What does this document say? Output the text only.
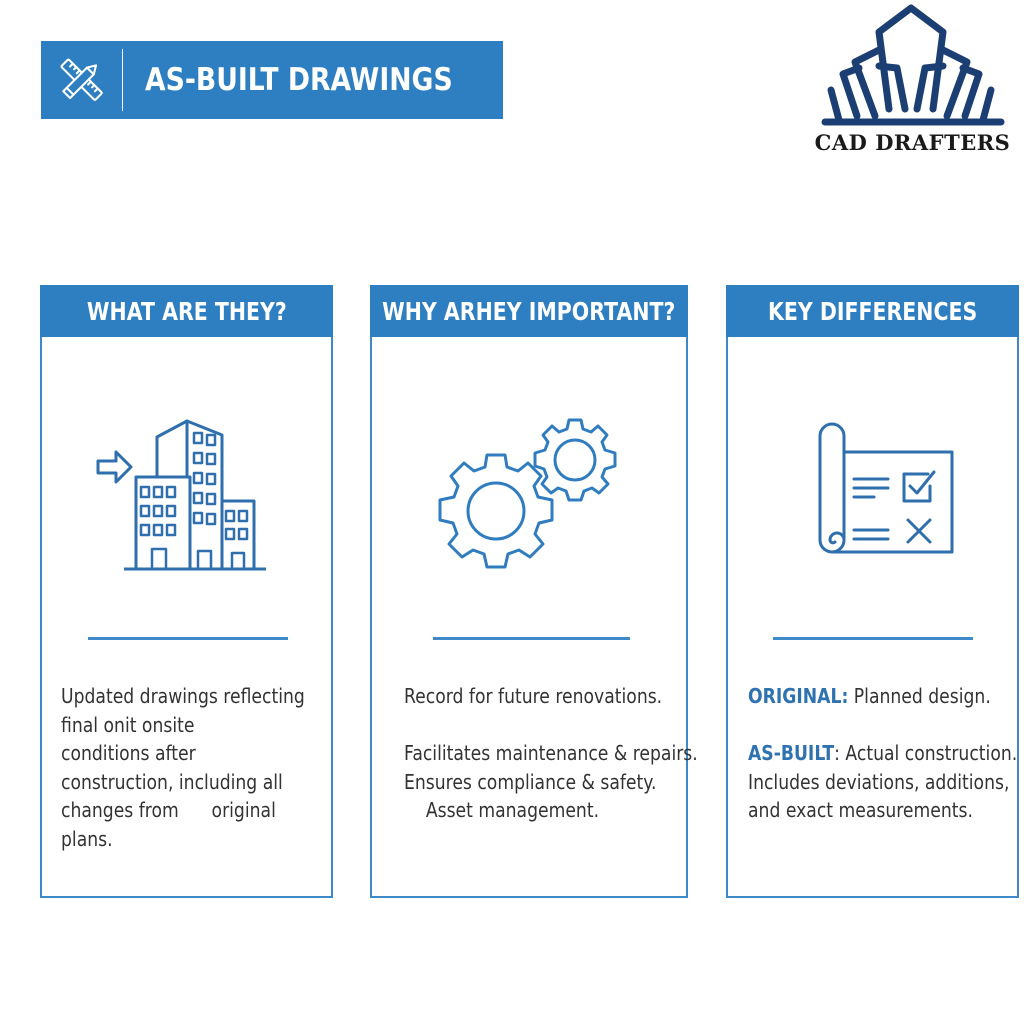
AS-BUILT DRAWINGS
CAD DRAFTERS
WHAT ARE THEY?

Updated drawings reflecting

final onit onsite

conditions after

construction, including all

changes from      original

plans.

WHY ARHEY IMPORTANT?

Record for future renovations.

Facilitates maintenance & repairs.

Ensures compliance & safety.

Asset management.

KEY DIFFERENCES

ORIGINAL: Planned design.

AS-BUILT: Actual construction.

Includes deviations, additions,

and exact measurements.
